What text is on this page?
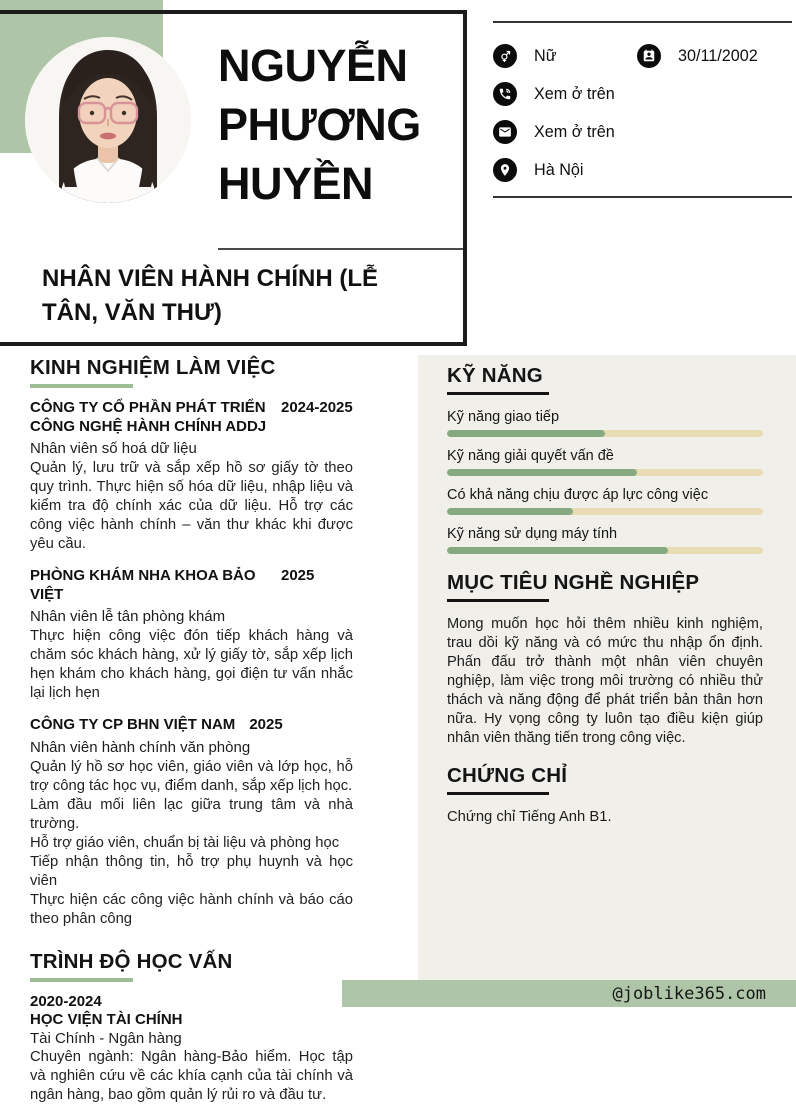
NGUYỄN PHƯƠNG HUYỀN
NHÂN VIÊN HÀNH CHÍNH (LỄ TÂN, VĂN THƯ)
Nữ
Xem ở trên
Xem ở trên
Hà Nội
30/11/2002
KINH NGHIỆM LÀM VIỆC
CÔNG TY CỔ PHẦN PHÁT TRIỂN CÔNG NGHỆ HÀNH CHÍNH ADDJ
2024-2025
Nhân viên số hoá dữ liệu
Quản lý, lưu trữ và sắp xếp hồ sơ giấy tờ theo quy trình. Thực hiện số hóa dữ liệu, nhập liệu và kiểm tra độ chính xác của dữ liệu. Hỗ trợ các công việc hành chính – văn thư khác khi được yêu cầu.
PHÒNG KHÁM NHA KHOA BẢO VIỆT
2025
Nhân viên lễ tân phòng khám
Thực hiện công việc đón tiếp khách hàng và chăm sóc khách hàng, xử lý giấy tờ, sắp xếp lịch hẹn khám cho khách hàng, gọi điện tư vấn nhắc lại lịch hẹn
CÔNG TY CP BHN VIỆT NAM 2025
Nhân viên hành chính văn phòng
Quản lý hồ sơ học viên, giáo viên và lớp học, hỗ trợ công tác học vụ, điểm danh, sắp xếp lịch học.
Làm đầu mối liên lạc giữa trung tâm và nhà trường.
Hỗ trợ giáo viên, chuẩn bị tài liệu và phòng học
Tiếp nhận thông tin, hỗ trợ phụ huynh và học viên
Thực hiện các công việc hành chính và báo cáo theo phân công
TRÌNH ĐỘ HỌC VẤN
2020-2024
HỌC VIỆN TÀI CHÍNH
Tài Chính - Ngân hàng
Chuyên ngành: Ngân hàng-Bảo hiểm. Học tập và nghiên cứu về các khía cạnh của tài chính và ngân hàng, bao gồm quản lý rủi ro và đầu tư.
KỸ NĂNG
Kỹ năng giao tiếp
Kỹ năng giải quyết vấn đề
Có khả năng chịu được áp lực công việc
Kỹ năng sử dụng máy tính
MỤC TIÊU NGHỀ NGHIỆP

Mong muốn học hỏi thêm nhiều kinh nghiệm, trau dồi kỹ năng và có mức thu nhập ổn định. Phấn đấu trở thành một nhân viên chuyên nghiệp, làm việc trong môi trường có nhiều thử thách và năng động để phát triển bản thân hơn nữa. Hy vọng công ty luôn tạo điều kiện giúp nhân viên thăng tiến trong công việc.

CHỨNG CHỈ

Chứng chỉ Tiếng Anh B1.

@joblike365.com
